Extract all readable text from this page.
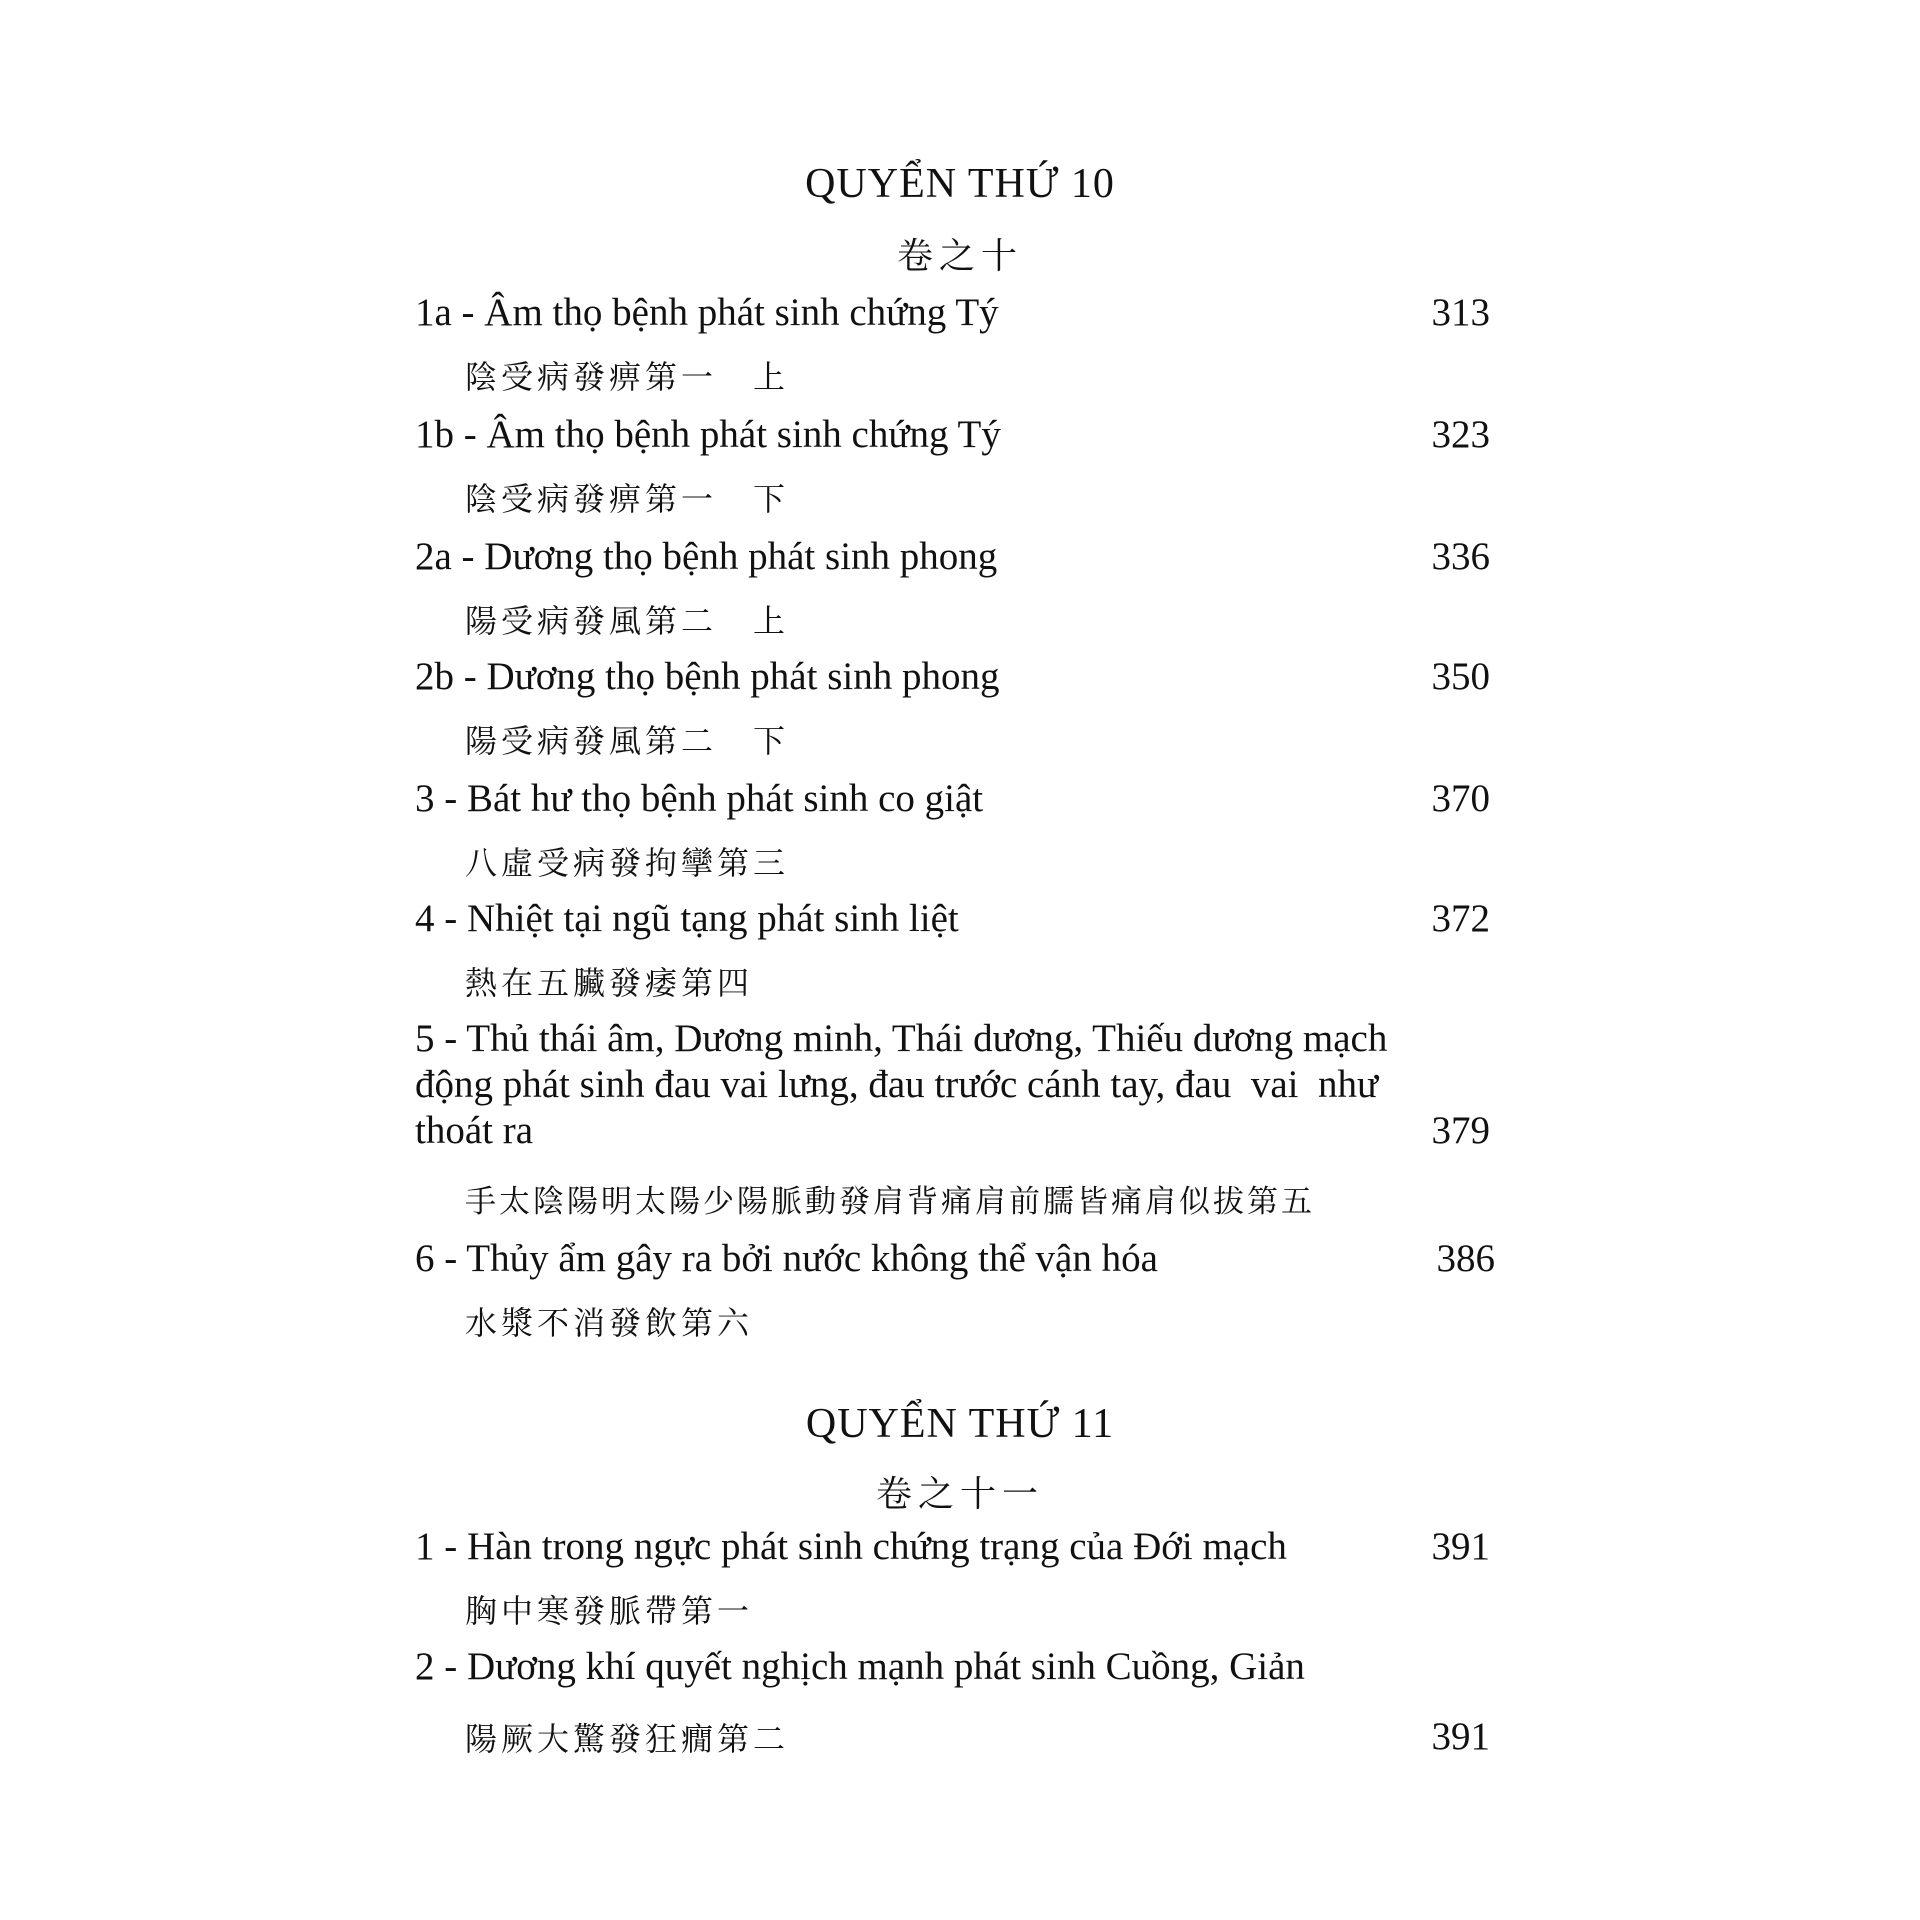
QUYỂN THỨ 10
卷之十
1a - Âm thọ bệnh phát sinh chứng Tý	313
陰受病發痹第一　上
1b - Âm thọ bệnh phát sinh chứng Tý	323
陰受病發痹第一　下
2a - Dương thọ bệnh phát sinh phong	336
陽受病發風第二　上
2b - Dương thọ bệnh phát sinh phong	350
陽受病發風第二　下
3 - Bát hư thọ bệnh phát sinh co giật	370
八虛受病發拘攣第三
4 - Nhiệt tại ngũ tạng phát sinh liệt	372
熱在五臟發痿第四
5 - Thủ thái âm, Dương minh, Thái dương, Thiếu dương mạch
động phát sinh đau vai lưng, đau trước cánh tay, đau  vai  như
thoát ra	379
手太陰陽明太陽少陽脈動發肩背痛肩前臑皆痛肩似拔第五
6 - Thủy ẩm gây ra bởi nước không thể vận hóa	386
水漿不消發飲第六
QUYỂN THỨ 11
卷之十一
1 - Hàn trong ngực phát sinh chứng trạng của Đới mạch	391
胸中寒發脈帶第一
2 - Dương khí quyết nghịch mạnh phát sinh Cuồng, Giản
陽厥大驚發狂癇第二	391
